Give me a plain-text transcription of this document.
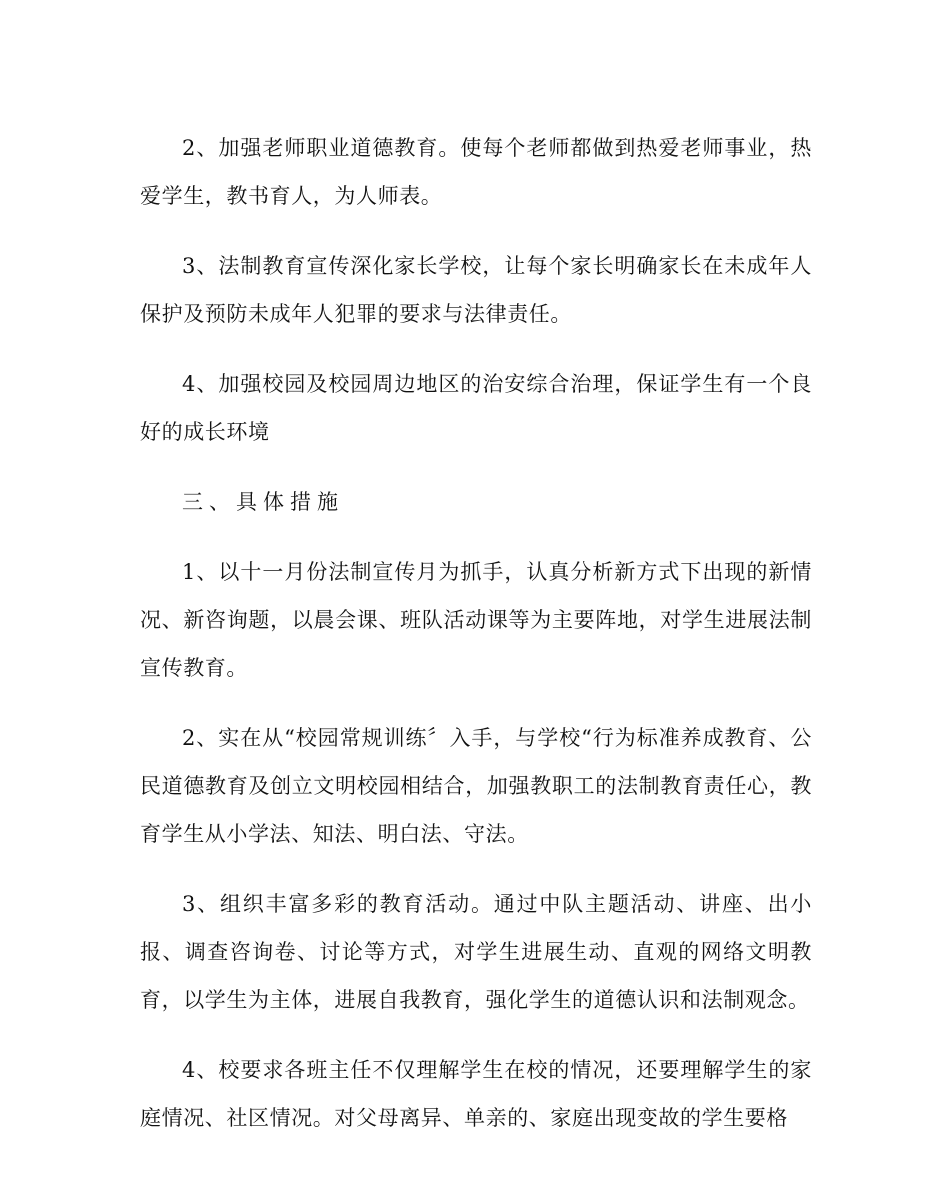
2、加强老师职业道德教育。使每个老师都做到热爱老师事业，热爱学生，教书育人，为人师表。

3、法制教育宣传深化家长学校，让每个家长明确家长在未成年人保护及预防未成年人犯罪的要求与法律责任。

4、加强校园及校园周边地区的治安综合治理，保证学生有一个良好的成长环境

三、具体措施

1、以十一月份法制宣传月为抓手，认真分析新方式下出现的新情况、新咨询题，以晨会课、班队活动课等为主要阵地，对学生进展法制宣传教育。

2、实在从“校园常规训练〞入手，与学校“行为标准养成教育、公民道德教育及创立文明校园相结合，加强教职工的法制教育责任心，教育学生从小学法、知法、明白法、守法。

3、组织丰富多彩的教育活动。通过中队主题活动、讲座、出小报、调查咨询卷、讨论等方式，对学生进展生动、直观的网络文明教育，以学生为主体，进展自我教育，强化学生的道德认识和法制观念。

4、校要求各班主任不仅理解学生在校的情况，还要理解学生的家庭情况、社区情况。对父母离异、单亲的、家庭出现变故的学生要格
